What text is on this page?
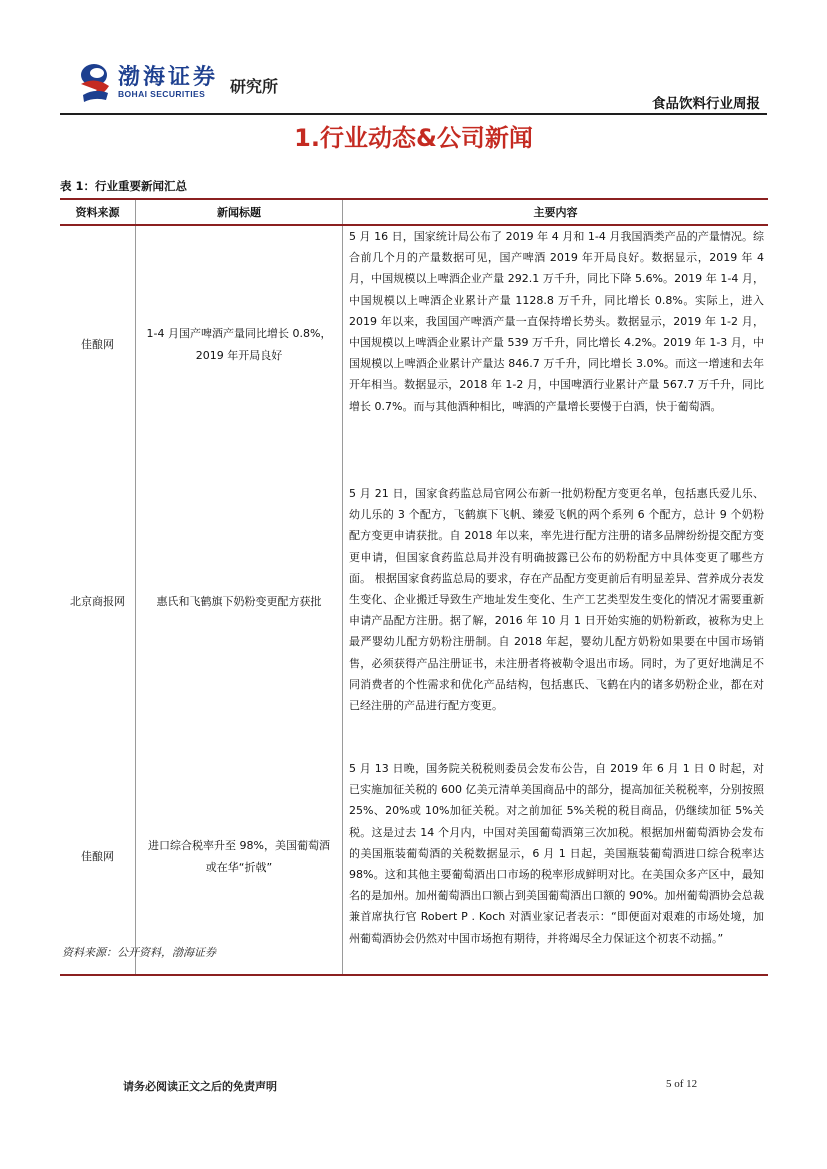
渤海证券
BOHAI SECURITIES 研究所
食品饮料行业周报
1.行业动态&公司新闻
表 1：行业重要新闻汇总
资料来源	新闻标题	主要内容
佳酿网	1-4 月国产啤酒产量同比增长 0.8%，2019 年开局良好	5 月 16 日，国家统计局公布了 2019 年 4 月和 1-4 月我国酒类产品的产量情况。综合前几个月的产量数据可见，国产啤酒 2019 年开局良好。数据显示，2019 年 4 月，中国规模以上啤酒企业产量 292.1 万千升，同比下降 5.6%。2019 年 1-4 月，中国规模以上啤酒企业累计产量 1128.8 万千升，同比增长 0.8%。实际上，进入 2019 年以来，我国国产啤酒产量一直保持增长势头。数据显示，2019 年 1-2 月，中国规模以上啤酒企业累计产量 539 万千升，同比增长 4.2%。2019 年 1-3 月，中国规模以上啤酒企业累计产量达 846.7 万千升，同比增长 3.0%。而这一增速和去年开年相当。数据显示，2018 年 1-2 月，中国啤酒行业累计产量 567.7 万千升，同比增长 0.7%。而与其他酒种相比，啤酒的产量增长要慢于白酒，快于葡萄酒。

北京商报网	惠氏和飞鹤旗下奶粉变更配方获批	5 月 21 日，国家食药监总局官网公布新一批奶粉配方变更名单，包括惠氏爱儿乐、幼儿乐的 3 个配方，飞鹤旗下飞帆、臻爱飞帆的两个系列 6 个配方，总计 9 个奶粉配方变更申请获批。自 2018 年以来，率先进行配方注册的诸多品牌纷纷提交配方变更申请，但国家食药监总局并没有明确披露已公布的奶粉配方中具体变更了哪些方面。 根据国家食药监总局的要求，存在产品配方变更前后有明显差异、营养成分表发生变化、企业搬迁导致生产地址发生变化、生产工艺类型发生变化的情况才需要重新申请产品配方注册。据了解，2016 年 10 月 1 日开始实施的奶粉新政，被称为史上最严婴幼儿配方奶粉注册制。自 2018 年起，婴幼儿配方奶粉如果要在中国市场销售，必须获得产品注册证书，未注册者将被勒令退出市场。同时，为了更好地满足不同消费者的个性需求和优化产品结构，包括惠氏、飞鹤在内的诸多奶粉企业，都在对已经注册的产品进行配方变更。

佳酿网	进口综合税率升至 98%，美国葡萄酒或在华“折戟”	5 月 13 日晚，国务院关税税则委员会发布公告，自 2019 年 6 月 1 日 0 时起，对已实施加征关税的 600 亿美元清单美国商品中的部分，提高加征关税税率，分别按照 25%、20%或 10%加征关税。对之前加征 5%关税的税目商品，仍继续加征 5%关税。这是过去 14 个月内，中国对美国葡萄酒第三次加税。根据加州葡萄酒协会发布的美国瓶装葡萄酒的关税数据显示，6 月 1 日起，美国瓶装葡萄酒进口综合税率达 98%。这和其他主要葡萄酒出口市场的税率形成鲜明对比。在美国众多产区中，最知名的是加州。加州葡萄酒出口额占到美国葡萄酒出口额的 90%。加州葡萄酒协会总裁兼首席执行官 Robert P . Koch 对酒业家记者表示：“即便面对艰难的市场处境，加州葡萄酒协会仍然对中国市场抱有期待，并将竭尽全力保证这个初衷不动摇。”
资料来源：公开资料，渤海证券
请务必阅读正文之后的免责声明	5 of 12
